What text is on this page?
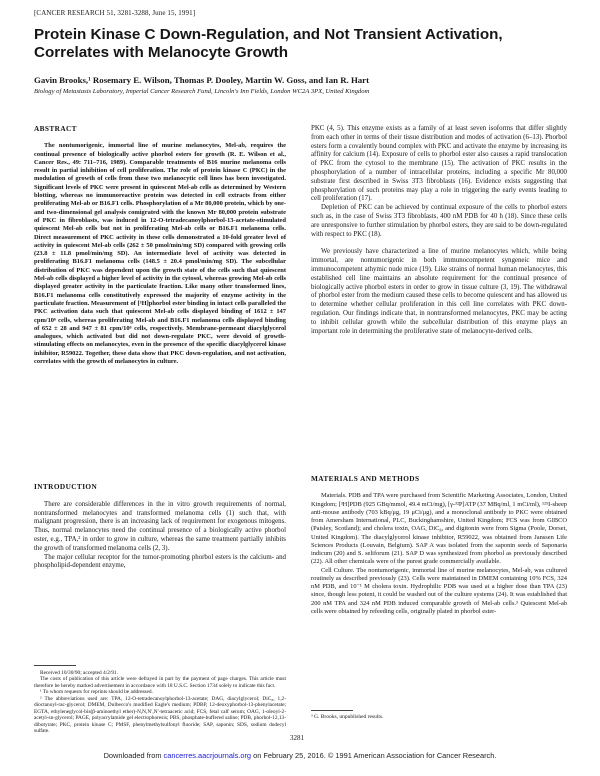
[CANCER RESEARCH 51, 3281-3288, June 15, 1991]
Protein Kinase C Down-Regulation, and Not Transient Activation, Correlates with Melanocyte Growth
Gavin Brooks,¹ Rosemary E. Wilson, Thomas P. Dooley, Martin W. Goss, and Ian R. Hart
Biology of Metastasis Laboratory, Imperial Cancer Research Fund, Lincoln's Inn Fields, London WC2A 3PX, United Kingdom

ABSTRACT

The nontumorigenic, immortal line of murine melanocytes, Mel-ab, requires the continual presence of biologically active phorbol esters for growth (R. E. Wilson et al., Cancer Res., 49: 711–716, 1989). Comparable treatments of B16 murine melanoma cells result in partial inhibition of cell proliferation. The role of protein kinase C (PKC) in the modulation of growth of cells from these two melanocytic cell lines has been investigated. Significant levels of PKC were present in quiescent Mel-ab cells as determined by Western blotting, whereas no immunoreactive protein was detected in cell extracts from either proliferating Mel-ab or B16.F1 cells. Phosphorylation of a Mr 80,000 protein, which by one- and two-dimensional gel analysis comigrated with the known Mr 80,000 protein substrate of PKC in fibroblasts, was induced in 12-O-tetradecanoylphorbol-13-acetate-stimulated quiescent Mel-ab cells but not in proliferating Mel-ab cells or B16.F1 melanoma cells. Direct measurement of PKC activity in these cells demonstrated a 10-fold greater level of activity in quiescent Mel-ab cells (262 ± 50 pmol/min/mg SD) compared with growing cells (23.8 ± 11.8 pmol/min/mg SD). An intermediate level of activity was detected in proliferating B16.F1 melanoma cells (148.5 ± 20.4 pmol/min/mg SD). The subcellular distribution of PKC was dependent upon the growth state of the cells such that quiescent Mel-ab cells displayed a higher level of activity in the cytosol, whereas growing Mel-ab cells displayed greater activity in the particulate fraction. Like many other transformed lines, B16.F1 melanoma cells constitutively expressed the majority of enzyme activity in the particulate fraction. Measurement of [³H]phorbol ester binding in intact cells paralleled the PKC activation data such that quiescent Mel-ab cells displayed binding of 1612 ± 147 cpm/10⁶ cells, whereas proliferating Mel-ab and B16.F1 melanoma cells displayed binding of 652 ± 28 and 947 ± 81 cpm/10⁶ cells, respectively. Membrane-permeant diacylglycerol analogues, which activated but did not down-regulate PKC, were devoid of growth-stimulating effects on melanocytes, even in the presence of the specific diacylglycerol kinase inhibitor, R59022. Together, these data show that PKC down-regulation, and not activation, correlates with the growth of melanocytes in culture.

INTRODUCTION

There are considerable differences in the in vitro growth requirements of normal, nontransformed melanocytes and transformed melanoma cells (1) such that, with malignant progression, there is an increasing lack of requirement for exogenous mitogens. Thus, normal melanocytes need the continual presence of a biologically active phorbol ester, e.g., TPA,² in order to grow in culture, whereas the same treatment partially inhibits the growth of transformed melanoma cells (2, 3).

The major cellular receptor for the tumor-promoting phorbol esters is the calcium- and phospholipid-dependent enzyme,

Received 10/30/90; accepted 4/2/91.

The costs of publication of this article were defrayed in part by the payment of page charges. This article must therefore be hereby marked advertisement in accordance with 18 U.S.C. Section 1734 solely to indicate this fact.

¹ To whom requests for reprints should be addressed.

² The abbreviations used are: TPA, 12-O-tetradecanoylphorbol-13-acetate; DAG, diacylglycerol; DiC₈, 1,2-dioctanoyl-rac-glycerol; DMEM, Dulbecco's modified Eagle's medium; PDBP, 12-deoxyphorbol-13-phenylacetate; EGTA, ethyleneglycol-bis(β-aminoethyl ether)-N,N,N′,N′-tetraacetic acid; FCS, fetal calf serum; OAG, 1-oleoyl-2-acetyl-sn-glycerol; PAGE, polyacrylamide gel electrophoresis; PBS, phosphate-buffered saline; PDB, phorbol-12,13-dibutyrate; PKC, protein kinase C; PMSF, phenylmethylsulfonyl fluoride; SAP, saponin; SDS, sodium dodecyl sulfate.

PKC (4, 5). This enzyme exists as a family of at least seven isoforms that differ slightly from each other in terms of their tissue distribution and modes of activation (6–13). Phorbol esters form a covalently bound complex with PKC and activate the enzyme by increasing its affinity for calcium (14). Exposure of cells to phorbol ester also causes a rapid translocation of PKC from the cytosol to the membrane (15). The activation of PKC results in the phosphorylation of a number of intracellular proteins, including a specific Mr 80,000 substrate first described in Swiss 3T3 fibroblasts (16). Evidence exists suggesting that phosphorylation of such proteins may play a role in triggering the early events leading to cell proliferation (17).

Depletion of PKC can be achieved by continual exposure of the cells to phorbol esters such as, in the case of Swiss 3T3 fibroblasts, 400 nM PDB for 40 h (18). Since these cells are unresponsive to further stimulation by phorbol esters, they are said to be down-regulated with respect to PKC (18).

We previously have characterized a line of murine melanocytes which, while being immortal, are nontumorigenic in both immunocompetent syngeneic mice and immunocompetent athymic nude mice (19). Like strains of normal human melanocytes, this established cell line maintains an absolute requirement for the continual presence of biologically active phorbol esters in order to grow in tissue culture (3, 19). The withdrawal of phorbol ester from the medium caused these cells to become quiescent and has allowed us to determine whether cellular proliferation in this cell line correlates with PKC down-regulation. Our findings indicate that, in nontransformed melanocytes, PKC may be acting to inhibit cellular growth while the subcellular distribution of this enzyme plays an important role in determining the proliferative state of melanocyte-derived cells.

MATERIALS AND METHODS

Materials. PDB and TPA were purchased from Scientific Marketing Associates, London, United Kingdom; [³H]PDB (925 GBq/mmol, 49.4 mCi/mg), [γ-³²P]ATP (37 MBq/ml, 1 mCi/ml), ¹²⁵I-sheep anti-mouse antibody (703 kBq/μg, 19 μCi/μg), and a monoclonal antibody to PKC were obtained from Amersham International, PLC, Buckinghamshire, United Kingdom; FCS was from GIBCO (Paisley, Scotland); and cholera toxin, OAG, DiC₈, and digitonin were from Sigma (Poole, Dorset, United Kingdom). The diacylglycerol kinase inhibitor, R59022, was obtained from Janssen Life Sciences Products (Louvain, Belgium). SAP A was isolated from the saponin seeds of Saponaria indicum (20) and S. seliforum (21). SAP D was synthesized from phorbol as previously described (22). All other chemicals were of the purest grade commercially available.

Cell Culture. The nontumorigenic, immortal line of murine melanocytes, Mel-ab, was cultured routinely as described previously (23). Cells were maintained in DMEM containing 10% FCS, 324 nM PDB, and 10⁻¹ M cholera toxin. Hydrophilic PDB was used at a higher dose than TPA (23) since, though less potent, it could be washed out of the culture systems (24). It was established that 200 nM TPA and 324 nM PDB induced comparable growth of Mel-ab cells.³ Quiescent Mel-ab cells were obtained by refeeding cells, originally plated in phorbol ester-

³ G. Brooks, unpublished results.
3281
Downloaded from cancerres.aacrjournals.org on February 25, 2016. © 1991 American Association for Cancer Research.
